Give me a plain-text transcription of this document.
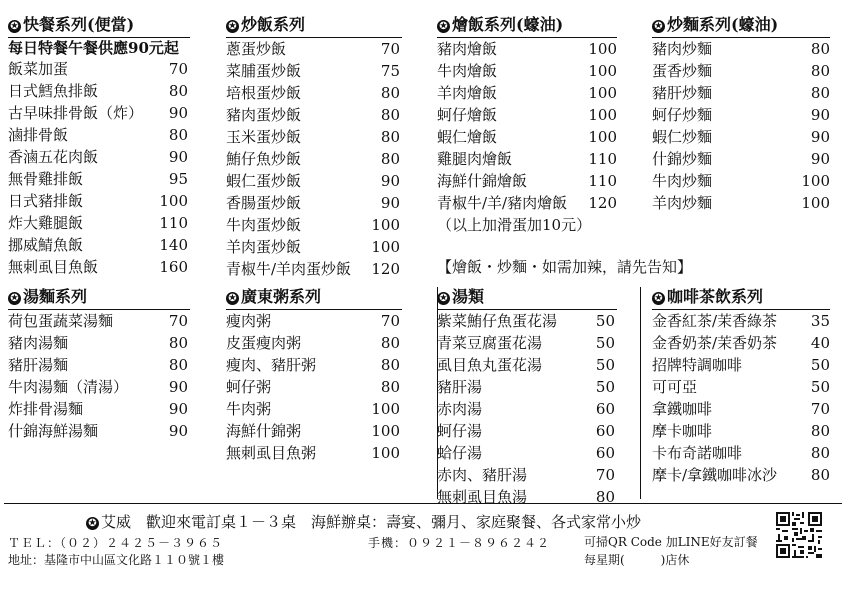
✪ 快餐系列(便當)
每日特餐午餐供應90元起
飯菜加蛋	70
日式鱈魚排飯	80
古早味排骨飯（炸）	90
滷排骨飯	80
香滷五花肉飯	90
無骨雞排飯	95
日式豬排飯	100
炸大雞腿飯	110
挪威鯖魚飯	140
無刺虱目魚飯	160
✪ 炒飯系列
蔥蛋炒飯	70
菜脯蛋炒飯	75
培根蛋炒飯	80
豬肉蛋炒飯	80
玉米蛋炒飯	80
鮪仔魚炒飯	80
蝦仁蛋炒飯	90
香腸蛋炒飯	90
牛肉蛋炒飯	100
羊肉蛋炒飯	100
青椒牛/羊肉蛋炒飯	120
✪ 燴飯系列(蠔油)
豬肉燴飯	100
牛肉燴飯	100
羊肉燴飯	100
蚵仔燴飯	100
蝦仁燴飯	100
雞腿肉燴飯	110
海鮮什錦燴飯	110
青椒牛/羊/豬肉燴飯	120
（以上加滑蛋加10元）
✪ 炒麵系列(蠔油)
豬肉炒麵	80
蛋香炒麵	80
豬肝炒麵	80
蚵仔炒麵	90
蝦仁炒麵	90
什錦炒麵	90
牛肉炒麵	100
羊肉炒麵	100
【燴飯・炒麵・如需加辣，請先告知】
✪ 湯麵系列
荷包蛋蔬菜湯麵	70
豬肉湯麵	80
豬肝湯麵	80
牛肉湯麵（清湯）	90
炸排骨湯麵	90
什錦海鮮湯麵	90
✪ 廣東粥系列
瘦肉粥	70
皮蛋瘦肉粥	80
瘦肉、豬肝粥	80
蚵仔粥	80
牛肉粥	100
海鮮什錦粥	100
無刺虱目魚粥	100
✪ 湯類
紫菜鮪仔魚蛋花湯	50
青菜豆腐蛋花湯	50
虱目魚丸蛋花湯	50
豬肝湯	50
赤肉湯	60
蚵仔湯	60
蛤仔湯	60
赤肉、豬肝湯	70
無刺虱目魚湯	80
✪ 咖啡茶飲系列
金香紅茶/茉香綠茶	35
金香奶茶/茉香奶茶	40
招牌特調咖啡	50
可可亞	50
拿鐵咖啡	70
摩卡咖啡	80
卡布奇諾咖啡	80
摩卡/拿鐵咖啡冰沙	80
✪ 艾威　歡迎來電訂桌１－３桌　海鮮辦桌：壽宴、彌月、家庭聚餐、各式家常小炒
ＴＥＬ：（０２）２４２５－３９６５	手機：０９２１－８９６２４２	可掃QR Code 加LINE好友訂餐
地址：基隆市中山區文化路１１０號１樓	每星期(　　　)店休
